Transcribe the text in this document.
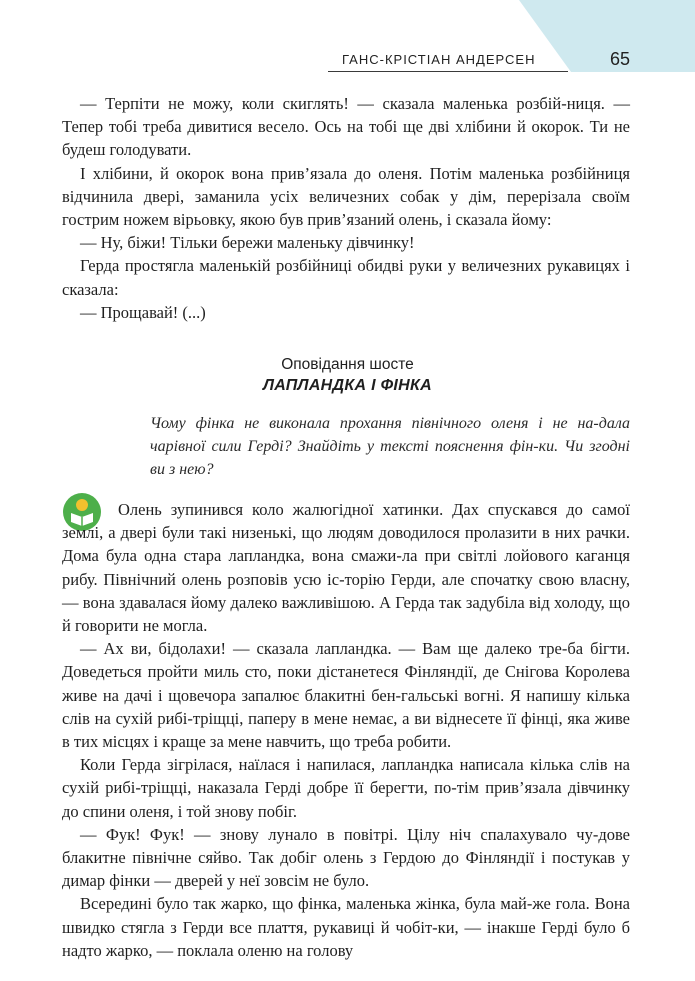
ГАНС-КРІСТІАН АНДЕРСЕН	65
— Терпіти не можу, коли скиглять! — сказала маленька розбій-ниця. — Тепер тобі треба дивитися весело. Ось на тобі ще дві хлібини й окорок. Ти не будеш голодувати.
І хлібини, й окорок вона прив’язала до оленя. Потім маленька розбійниця відчинила двері, заманила усіх величезних собак у дім, перерізала своїм гострим ножем вірьовку, якою був прив’язаний олень, і сказала йому:
— Ну, біжи! Тільки бережи маленьку дівчинку!
Герда простягла маленькій розбійниці обидві руки у величезних рукавицях і сказала:
— Прощавай! (...)
Оповідання шосте
ЛАПЛАНДКА І ФІНКА
Чому фінка не виконала прохання північного оленя і не на-дала чарівної сили Герді? Знайдіть у тексті пояснення фін-ки. Чи згодні ви з нею?
Олень зупинився коло жалюгідної хатинки. Дах спускався до самої землі, а двері були такі низенькі, що людям доводилося пролазити в них рачки. Дома була одна стара лапландка, вона смажи-ла при світлі лойового каганця рибу. Північний олень розповів усю іс-торію Герди, але спочатку свою власну, — вона здавалася йому далеко важливішою. А Герда так задубіла від холоду, що й говорити не могла.
— Ах ви, бідолахи! — сказала лапландка. — Вам ще далеко тре-ба бігти. Доведеться пройти миль сто, поки дістанетеся Фінляндії, де Снігова Королева живе на дачі і щовечора запалює блакитні бен-гальські вогні. Я напишу кілька слів на сухій рибі-тріщці, паперу в мене немає, а ви віднесете її фінці, яка живе в тих місцях і краще за мене навчить, що треба робити.
Коли Герда зігрілася, наїлася і напилася, лапландка написала кілька слів на сухій рибі-тріщці, наказала Герді добре її берегти, по-тім прив’язала дівчинку до спини оленя, і той знову побіг.
— Фук! Фук! — знову лунало в повітрі. Цілу ніч спалахувало чу-дове блакитне північне сяйво. Так добіг олень з Гердою до Фінляндії і постукав у димар фінки — дверей у неї зовсім не було.
Всередині було так жарко, що фінка, маленька жінка, була май-же гола. Вона швидко стягла з Герди все плаття, рукавиці й чобіт-ки, — інакше Герді було б надто жарко, — поклала оленю на голову
